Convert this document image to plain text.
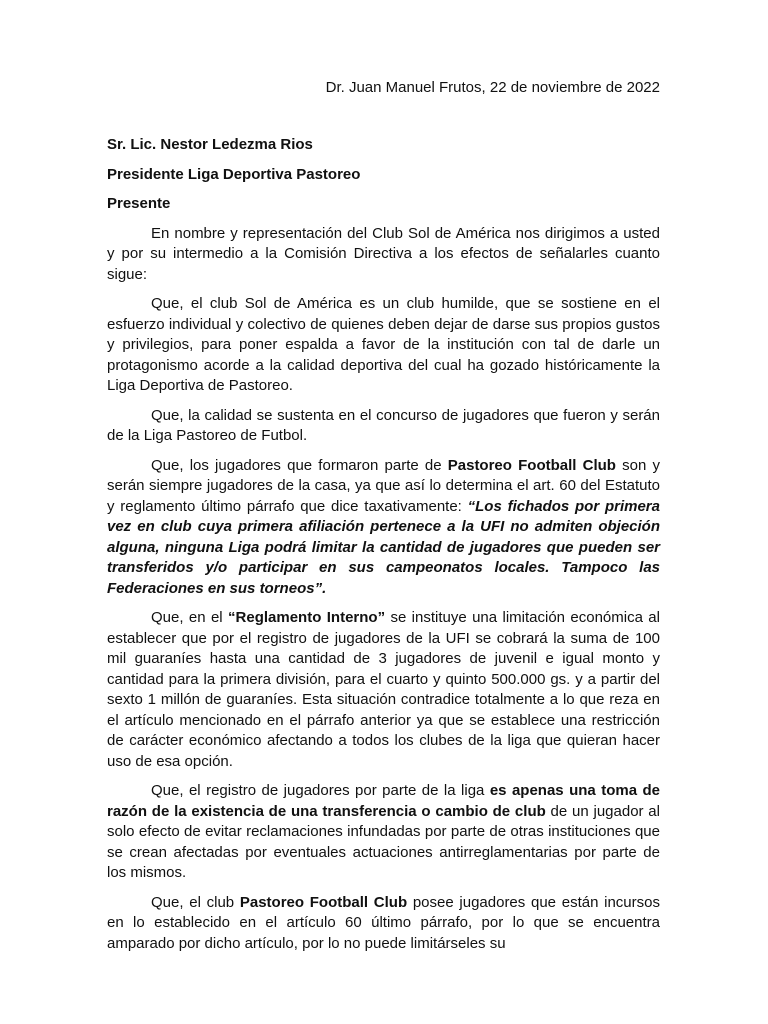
Dr. Juan Manuel Frutos, 22 de noviembre de 2022

Sr. Lic. Nestor Ledezma Rios

Presidente Liga Deportiva Pastoreo

Presente

En nombre y representación del Club Sol de América nos dirigimos a usted y por su intermedio a la Comisión Directiva a los efectos de señalarles cuanto sigue:

Que, el club Sol de América es un club humilde, que se sostiene en el esfuerzo individual y colectivo de quienes deben dejar de darse sus propios gustos y privilegios, para poner espalda a favor de la institución con tal de darle un protagonismo acorde a la calidad deportiva del cual ha gozado históricamente la Liga Deportiva de Pastoreo.

Que, la calidad se sustenta en el concurso de jugadores que fueron y serán de la Liga Pastoreo de Futbol.

Que, los jugadores que formaron parte de Pastoreo Football Club son y serán siempre jugadores de la casa, ya que así lo determina el art. 60 del Estatuto y reglamento último párrafo que dice taxativamente: “Los fichados por primera vez en club cuya primera afiliación pertenece a la UFI no admiten objeción alguna, ninguna Liga podrá limitar la cantidad de jugadores que pueden ser transferidos y/o participar en sus campeonatos locales. Tampoco las Federaciones en sus torneos”.

Que, en el “Reglamento Interno” se instituye una limitación económica al establecer que por el registro de jugadores de la UFI se cobrará la suma de 100 mil guaraníes hasta una cantidad de 3 jugadores de juvenil e igual monto y cantidad para la primera división, para el cuarto y quinto 500.000 gs. y a partir del sexto 1 millón de guaraníes. Esta situación contradice totalmente a lo que reza en el artículo mencionado en el párrafo anterior ya que se establece una restricción de carácter económico afectando a todos los clubes de la liga que quieran hacer uso de esa opción.

Que, el registro de jugadores por parte de la liga es apenas una toma de razón de la existencia de una transferencia o cambio de club de un jugador al solo efecto de evitar reclamaciones infundadas por parte de otras instituciones que se crean afectadas por eventuales actuaciones antirreglamentarias por parte de los mismos.

Que, el club Pastoreo Football Club posee jugadores que están incursos en lo establecido en el artículo 60 último párrafo, por lo que se encuentra amparado por dicho artículo, por lo no puede limitárseles su
